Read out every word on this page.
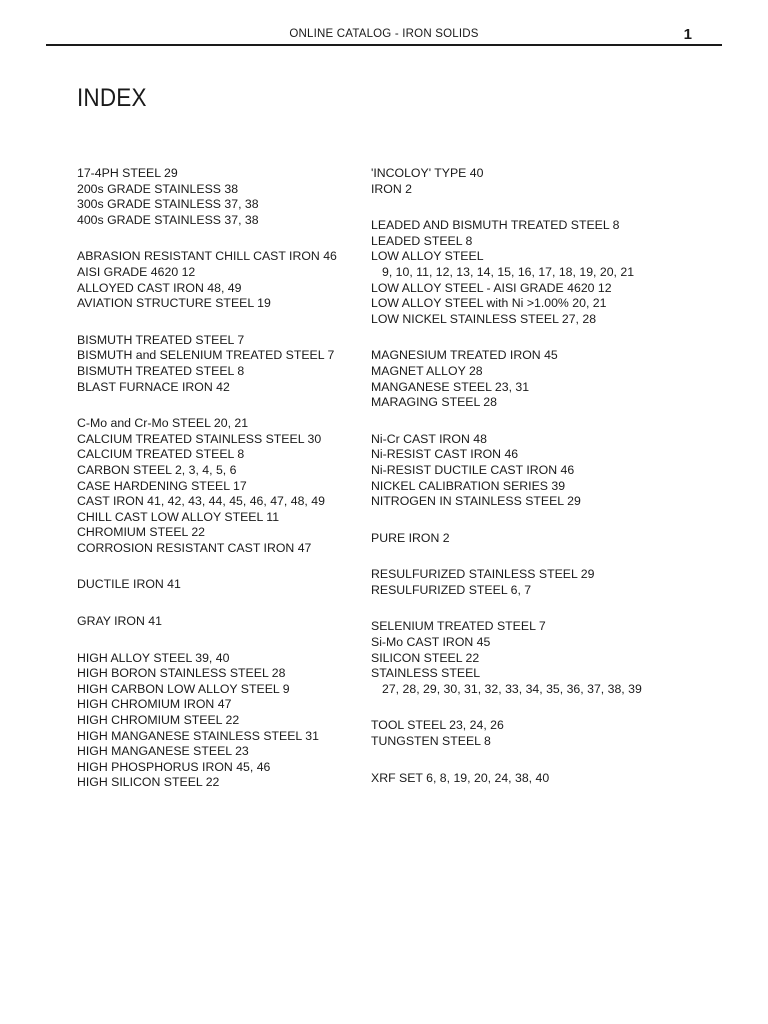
ONLINE CATALOG - IRON SOLIDS	1
INDEX
17-4PH STEEL 29
200s GRADE STAINLESS 38
300s GRADE STAINLESS 37, 38
400s GRADE STAINLESS 37, 38
ABRASION RESISTANT CHILL CAST IRON 46
AISI GRADE 4620 12
ALLOYED CAST IRON 48, 49
AVIATION STRUCTURE STEEL 19
BISMUTH TREATED STEEL 7
BISMUTH and SELENIUM TREATED STEEL 7
BISMUTH TREATED STEEL 8
BLAST FURNACE IRON 42
C-Mo and Cr-Mo STEEL 20, 21
CALCIUM TREATED STAINLESS STEEL 30
CALCIUM TREATED STEEL 8
CARBON STEEL 2, 3, 4, 5, 6
CASE HARDENING STEEL 17
CAST IRON 41, 42, 43, 44, 45, 46, 47, 48, 49
CHILL CAST LOW ALLOY STEEL 11
CHROMIUM STEEL 22
CORROSION RESISTANT CAST IRON 47
DUCTILE IRON 41
GRAY IRON 41
HIGH ALLOY STEEL 39, 40
HIGH BORON STAINLESS STEEL 28
HIGH CARBON LOW ALLOY STEEL 9
HIGH CHROMIUM IRON 47
HIGH CHROMIUM STEEL 22
HIGH MANGANESE STAINLESS STEEL 31
HIGH MANGANESE STEEL 23
HIGH PHOSPHORUS IRON 45, 46
HIGH SILICON STEEL 22
'INCOLOY' TYPE 40
IRON 2
LEADED AND BISMUTH TREATED STEEL 8
LEADED STEEL 8
LOW ALLOY STEEL
9, 10, 11, 12, 13, 14, 15, 16, 17, 18, 19, 20, 21
LOW ALLOY STEEL - AISI GRADE 4620 12
LOW ALLOY STEEL with Ni >1.00% 20, 21
LOW NICKEL STAINLESS STEEL 27, 28
MAGNESIUM TREATED IRON 45
MAGNET ALLOY 28
MANGANESE STEEL 23, 31
MARAGING STEEL 28
Ni-Cr CAST IRON 48
Ni-RESIST CAST IRON 46
Ni-RESIST DUCTILE CAST IRON 46
NICKEL CALIBRATION SERIES 39
NITROGEN IN STAINLESS STEEL 29
PURE IRON 2
RESULFURIZED STAINLESS STEEL 29
RESULFURIZED STEEL 6, 7
SELENIUM TREATED STEEL 7
Si-Mo CAST IRON 45
SILICON STEEL 22
STAINLESS STEEL
27, 28, 29, 30, 31, 32, 33, 34, 35, 36, 37, 38, 39
TOOL STEEL 23, 24, 26
TUNGSTEN STEEL 8
XRF SET 6, 8, 19, 20, 24, 38, 40
